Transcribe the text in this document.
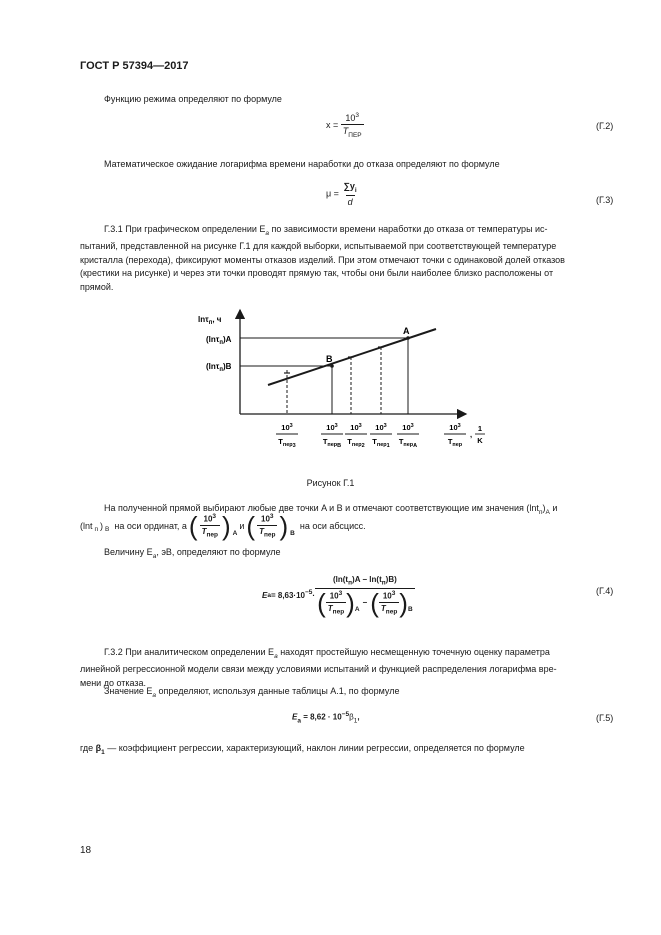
ГОСТ Р 57394—2017
Функцию режима определяют по формуле
$x = \frac{10^3}{T_{ПЕР}}$	(Г.2)
Математическое ожидание логарифма времени наработки до отказа определяют по формуле
$\mu = \frac{\sum y_i}{d}$	(Г.3)
Г.3.1 При графическом определении $E_a$ по зависимости времени наработки до отказа от температуры ис-
пытаний, представленной на рисунке Г.1 для каждой выборки, испытываемой при соответствующей температуре
кристалла (перехода), фиксируют моменты отказов изделий. При этом отмечают точки с одинаковой долей отказов
(крестики на рисунке) и через эти точки проводят прямую так, чтобы они были наиболее близко расположены от
прямой.
lnτ$_п$, ч
(lnτ$_п$)A
(lnτ$_п$)B
B
A
$10^3$
$T_{пер3}$
$10^3$
$T_{перB}$
$10^3$
$T_{пер2}$
$10^3$
$T_{пер1}$
$10^3$
$T_{перA}$
$10^3$
$T_{пер}$
,
1
K
Рисунок Г.1
На полученной прямой выбирают любые две точки A и B и отмечают соответствующие им значения $(\ln t_п)_A$ и
(lnt $_п$ ) $_B$ на оси ординат, а ( $\frac{10^3}{T_{пер}}$ ) $_A$
и ( $\frac{10^3}{T_{пер}}$ ) $_B$
на оси абсцисс.
Величину $E_a$, эВ, определяют по формуле
E $a = 8,63\cdot 10^{-5}$ ·
$(\ln(t_п)A - \ln(t_п)B)$
( $\frac{10^3}{T_{пер}} )_A$
− ( $\frac{10^3}{T_{пер}} )_B$
(Г.4)
Г.3.2 При аналитическом определении $E_a$ находят простейшую несмещенную точечную оценку параметра
линейной регрессионной модели связи между условиями испытаний и функцией распределения логарифма вре-
мени до отказа.
Значение $E_a$ определяют, используя данные таблицы А.1, по формуле
$E_a = 8,62 \cdot 10^{-5}\beta_1$,	(Г.5)
где $\beta_1$ — коэффициент регрессии, характеризующий, наклон линии регрессии, определяется по формуле
18
